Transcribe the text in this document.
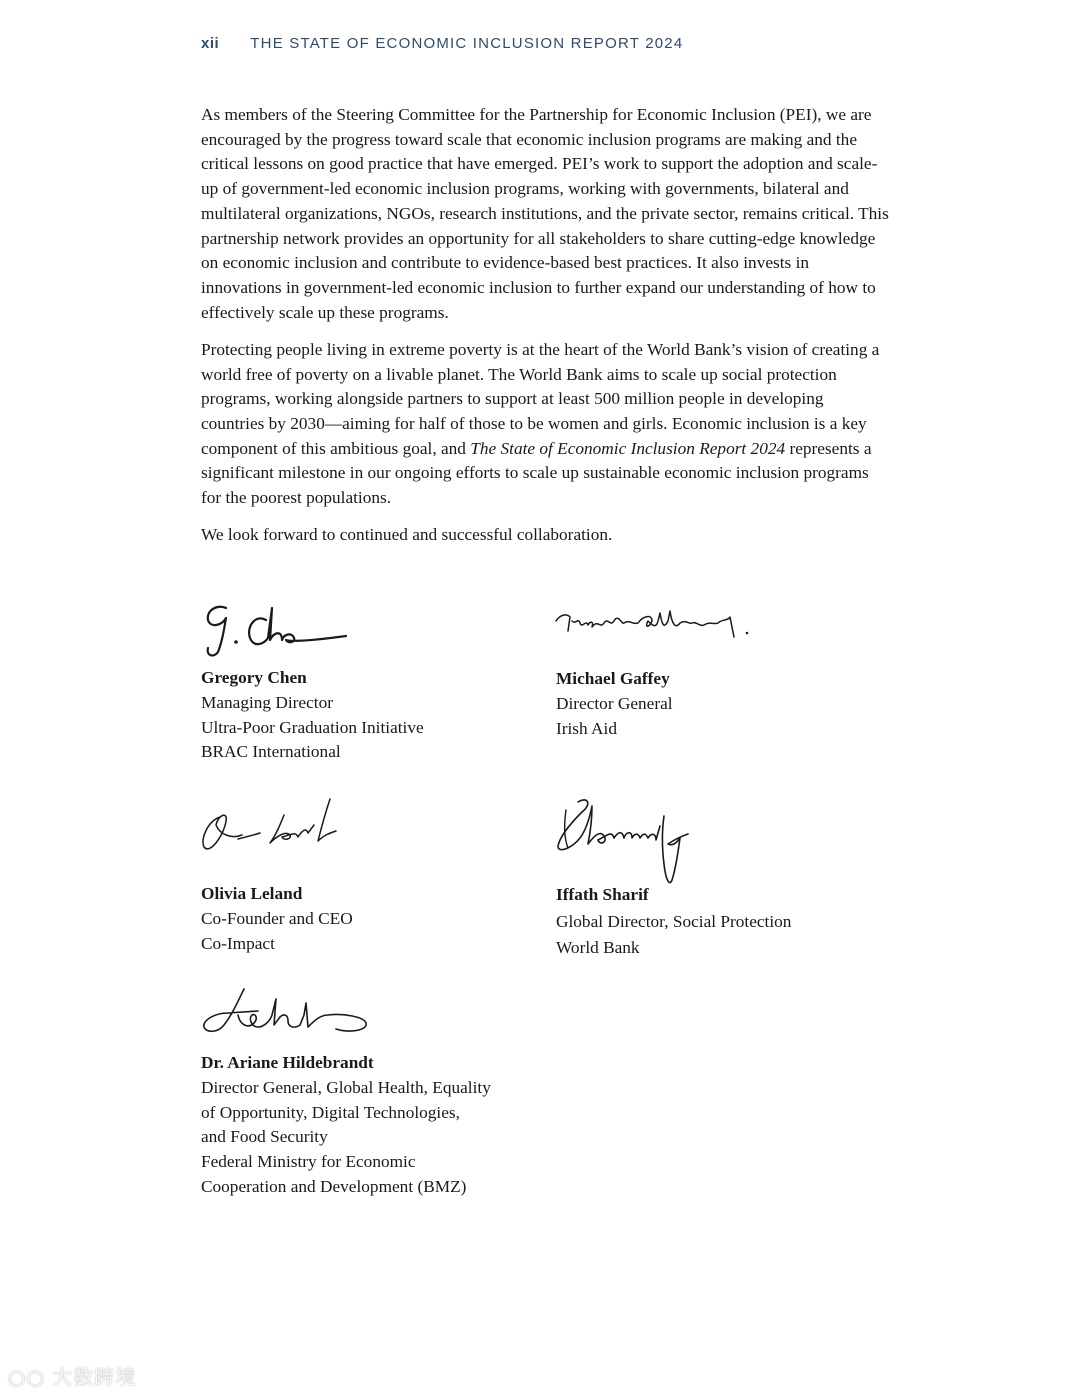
xii THE STATE OF ECONOMIC INCLUSION REPORT 2024

As members of the Steering Committee for the Partnership for Economic Inclusion (PEI), we are encouraged by the progress toward scale that economic inclusion programs are making and the critical lessons on good practice that have emerged. PEI’s work to support the adoption and scale-up of government-led economic inclusion programs, working with governments, bilateral and multilateral organizations, NGOs, research institutions, and the private sector, remains critical. This partnership network provides an opportunity for all stakeholders to share cutting-edge knowledge on economic inclusion and contribute to evidence-based best practices. It also invests in innovations in government-led economic inclusion to further expand our understanding of how to effectively scale up these programs.

Protecting people living in extreme poverty is at the heart of the World Bank’s vision of creating a world free of poverty on a livable planet. The World Bank aims to scale up social protection programs, working alongside partners to support at least 500 million people in developing countries by 2030—aiming for half of those to be women and girls. Economic inclusion is a key component of this ambitious goal, and The State of Economic Inclusion Report 2024 represents a significant milestone in our ongoing efforts to scale up sustainable economic inclusion programs for the poorest populations.

We look forward to continued and successful collaboration.

Gregory Chen
Managing Director
Ultra-Poor Graduation Initiative
BRAC International
Michael Gaffey
Director General
Irish Aid
Olivia Leland
Co-Founder and CEO
Co-Impact
Iffath Sharif
Global Director, Social Protection
World Bank
Dr. Ariane Hildebrandt
Director General, Global Health, Equality
of Opportunity, Digital Technologies,
and Food Security
Federal Ministry for Economic
Cooperation and Development (BMZ)
○○ 大数跨境
